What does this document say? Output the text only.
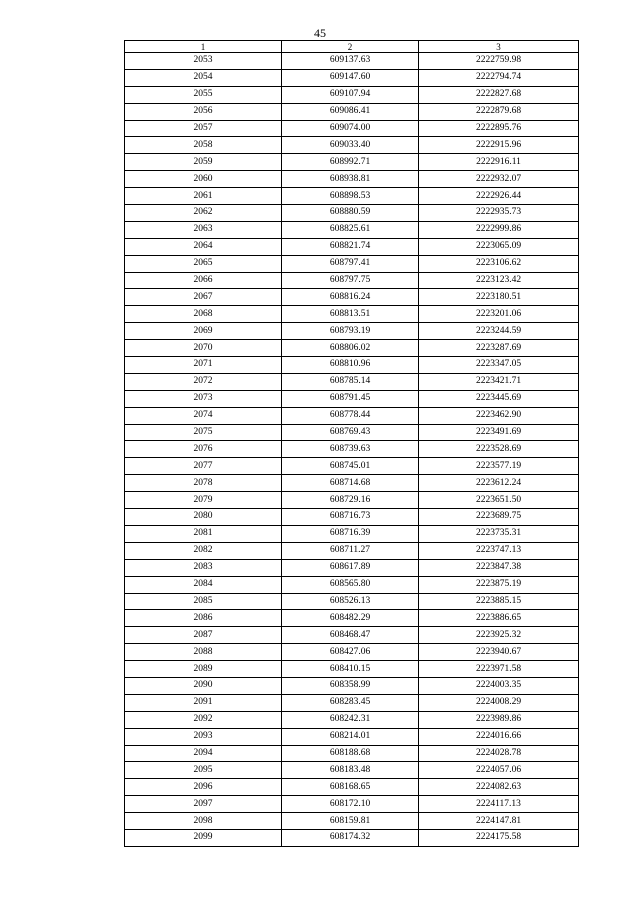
45
1	2	3
2053	609137.63	2222759.98
2054	609147.60	2222794.74
2055	609107.94	2222827.68
2056	609086.41	2222879.68
2057	609074.00	2222895.76
2058	609033.40	2222915.96
2059	608992.71	2222916.11
2060	608938.81	2222932.07
2061	608898.53	2222926.44
2062	608880.59	2222935.73
2063	608825.61	2222999.86
2064	608821.74	2223065.09
2065	608797.41	2223106.62
2066	608797.75	2223123.42
2067	608816.24	2223180.51
2068	608813.51	2223201.06
2069	608793.19	2223244.59
2070	608806.02	2223287.69
2071	608810.96	2223347.05
2072	608785.14	2223421.71
2073	608791.45	2223445.69
2074	608778.44	2223462.90
2075	608769.43	2223491.69
2076	608739.63	2223528.69
2077	608745.01	2223577.19
2078	608714.68	2223612.24
2079	608729.16	2223651.50
2080	608716.73	2223689.75
2081	608716.39	2223735.31
2082	608711.27	2223747.13
2083	608617.89	2223847.38
2084	608565.80	2223875.19
2085	608526.13	2223885.15
2086	608482.29	2223886.65
2087	608468.47	2223925.32
2088	608427.06	2223940.67
2089	608410.15	2223971.58
2090	608358.99	2224003.35
2091	608283.45	2224008.29
2092	608242.31	2223989.86
2093	608214.01	2224016.66
2094	608188.68	2224028.78
2095	608183.48	2224057.06
2096	608168.65	2224082.63
2097	608172.10	2224117.13
2098	608159.81	2224147.81
2099	608174.32	2224175.58
